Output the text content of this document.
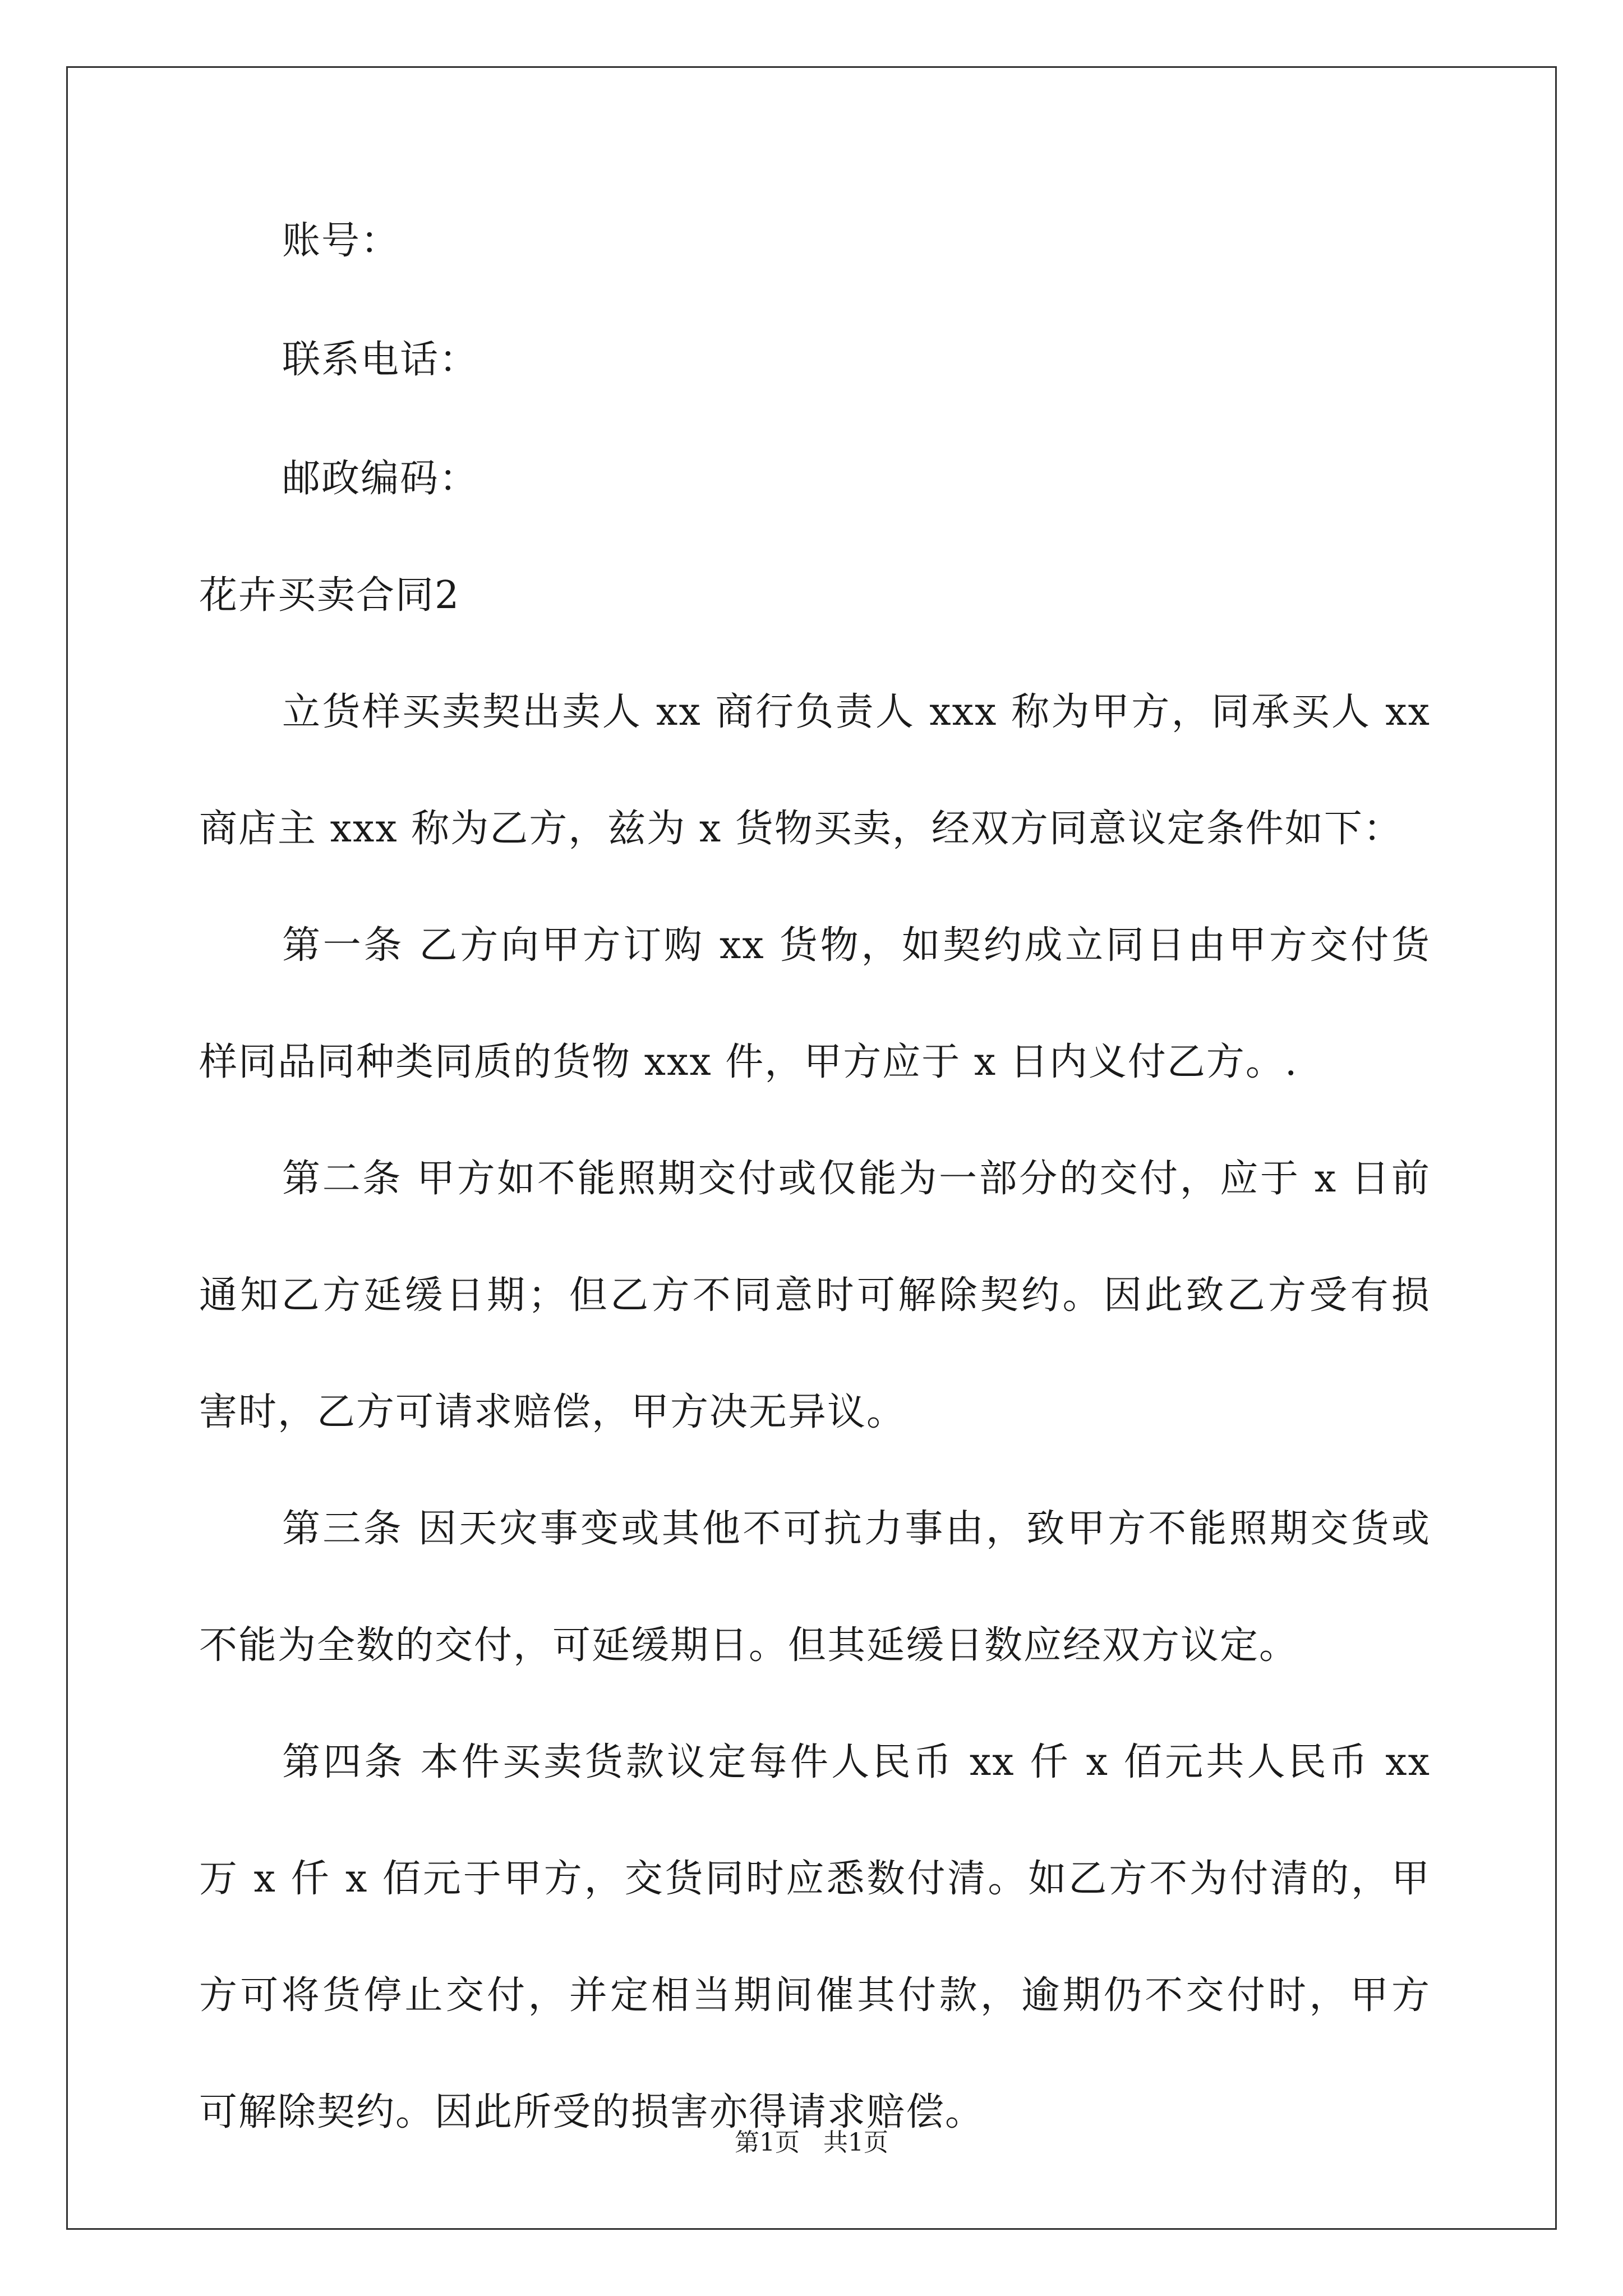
账号：
联系电话：
邮政编码：
花卉买卖合同2
立货样买卖契出卖人 xx 商行负责人 xxx 称为甲方，同承买人 xx
商店主 xxx 称为乙方，兹为 x 货物买卖，经双方同意议定条件如下：
第一条 乙方向甲方订购 xx 货物，如契约成立同日由甲方交付货
样同品同种类同质的货物 xxx 件，甲方应于 x 日内义付乙方。.
第二条 甲方如不能照期交付或仅能为一部分的交付，应于 x 日前
通知乙方延缓日期；但乙方不同意时可解除契约。因此致乙方受有损
害时，乙方可请求赔偿，甲方决无异议。
第三条 因天灾事变或其他不可抗力事由，致甲方不能照期交货或
不能为全数的交付，可延缓期日。但其延缓日数应经双方议定。
第四条 本件买卖货款议定每件人民币 xx 仟 x 佰元共人民币 xx
万 x 仟 x 佰元于甲方，交货同时应悉数付清。如乙方不为付清的，甲
方可将货停止交付，并定相当期间催其付款，逾期仍不交付时，甲方
可解除契约。因此所受的损害亦得请求赔偿。
第1页   共1页
